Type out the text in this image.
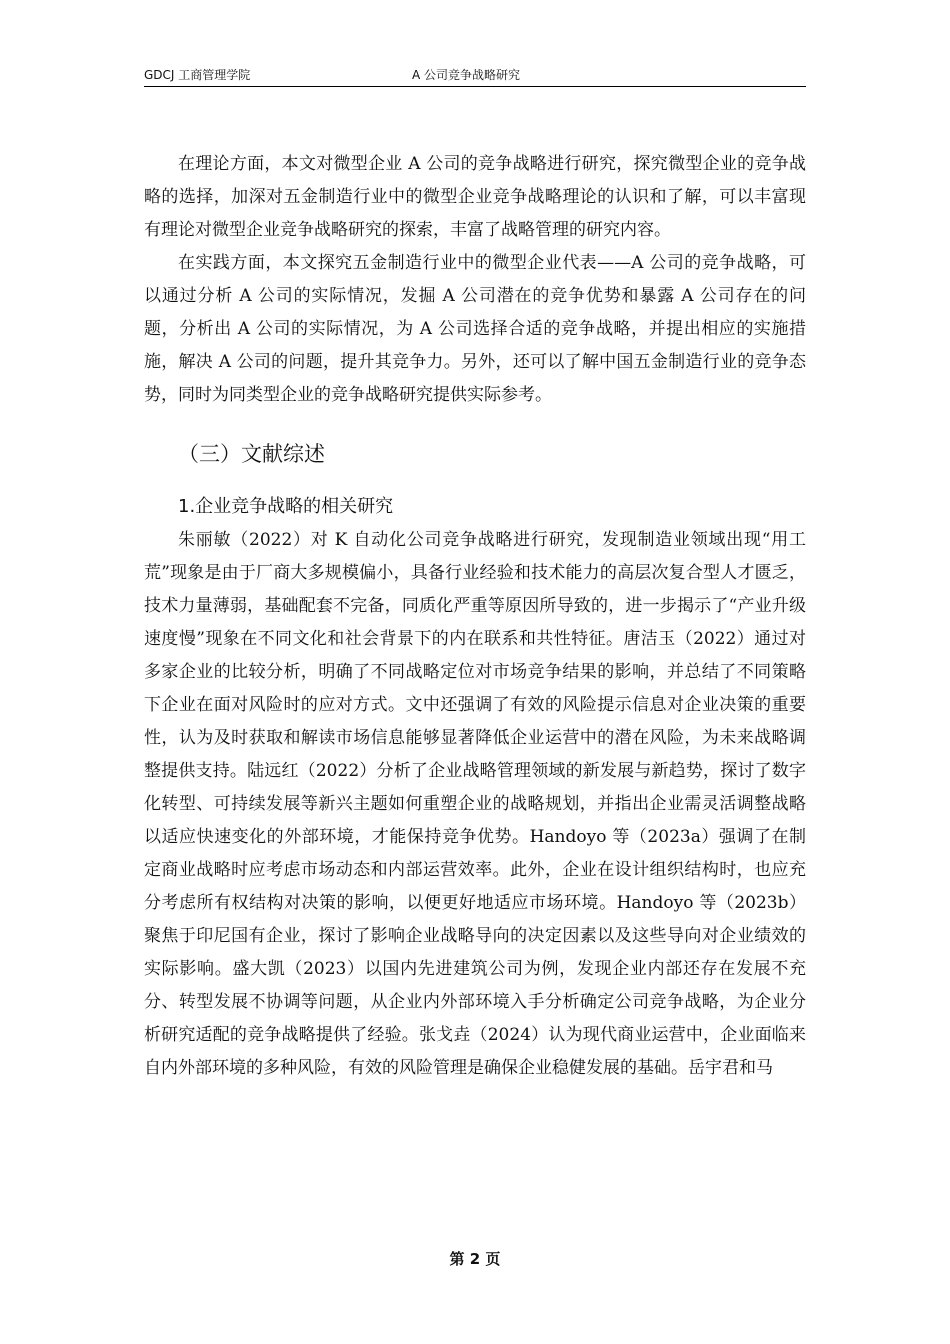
GDCJ 工商管理学院	A 公司竞争战略研究

在理论方面，本文对微型企业 A 公司的竞争战略进行研究，探究微型企业的竞争战略的选择，加深对五金制造行业中的微型企业竞争战略理论的认识和了解，可以丰富现有理论对微型企业竞争战略研究的探索，丰富了战略管理的研究内容。

在实践方面，本文探究五金制造行业中的微型企业代表——A 公司的竞争战略，可以通过分析 A 公司的实际情况，发掘 A 公司潜在的竞争优势和暴露 A 公司存在的问题，分析出 A 公司的实际情况，为 A 公司选择合适的竞争战略，并提出相应的实施措施，解决 A 公司的问题，提升其竞争力。另外，还可以了解中国五金制造行业的竞争态势，同时为同类型企业的竞争战略研究提供实际参考。

（三）文献综述
1.企业竞争战略的相关研究

朱丽敏（2022）对 K 自动化公司竞争战略进行研究，发现制造业领域出现“用工荒”现象是由于厂商大多规模偏小，具备行业经验和技术能力的高层次复合型人才匮乏，技术力量薄弱，基础配套不完备，同质化严重等原因所导致的，进一步揭示了“产业升级速度慢”现象在不同文化和社会背景下的内在联系和共性特征。唐洁玉（2022）通过对多家企业的比较分析，明确了不同战略定位对市场竞争结果的影响，并总结了不同策略下企业在面对风险时的应对方式。文中还强调了有效的风险提示信息对企业决策的重要性，认为及时获取和解读市场信息能够显著降低企业运营中的潜在风险，为未来战略调整提供支持。陆远红（2022）分析了企业战略管理领域的新发展与新趋势，探讨了数字化转型、可持续发展等新兴主题如何重塑企业的战略规划，并指出企业需灵活调整战略以适应快速变化的外部环境，才能保持竞争优势。Handoyo 等（2023a）强调了在制定商业战略时应考虑市场动态和内部运营效率。此外，企业在设计组织结构时，也应充分考虑所有权结构对决策的影响，以便更好地适应市场环境。Handoyo 等（2023b）聚焦于印尼国有企业，探讨了影响企业战略导向的决定因素以及这些导向对企业绩效的实际影响。盛大凯（2023）以国内先进建筑公司为例，发现企业内部还存在发展不充分、转型发展不协调等问题，从企业内外部环境入手分析确定公司竞争战略，为企业分析研究适配的竞争战略提供了经验。张戈垚（2024）认为现代商业运营中，企业面临来自内外部环境的多种风险，有效的风险管理是确保企业稳健发展的基础。岳宇君和马

第 2 页
